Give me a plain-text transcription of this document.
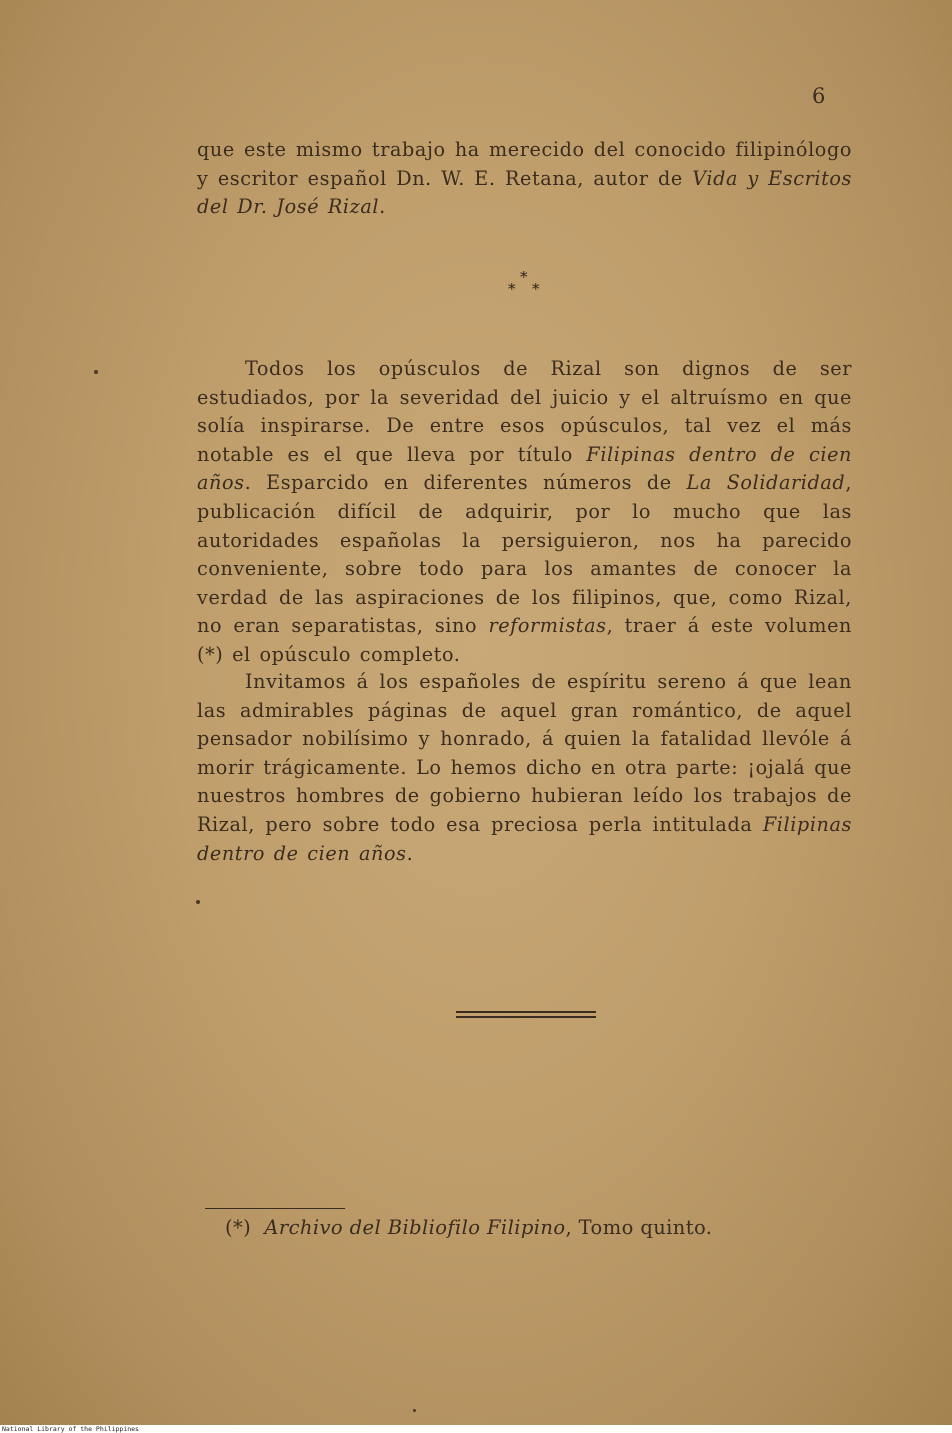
6

que este mismo trabajo ha merecido del conocido filipinólogo y escritor español Dn. W. E. Retana, autor de Vida y Escritos del Dr. José Rizal.

*
* *

Todos los opúsculos de Rizal son dignos de ser estudiados, por la severidad del juicio y el altruísmo en que solía inspirarse. De entre esos opúsculos, tal vez el más notable es el que lleva por título Filipinas dentro de cien años. Esparcido en diferentes números de La Solidaridad, publicación difícil de adquirir, por lo mucho que las autoridades españolas la persiguieron, nos ha parecido conveniente, sobre todo para los amantes de conocer la verdad de las aspiraciones de los filipinos, que, como Rizal, no eran separatistas, sino reformistas, traer á este volumen (*) el opúsculo completo.

Invitamos á los españoles de espíritu sereno á que lean las admirables páginas de aquel gran romántico, de aquel pensador nobilísimo y honrado, á quien la fatalidad llevóle á morir trágicamente. Lo hemos dicho en otra parte: ¡ojalá que nuestros hombres de gobierno hubieran leído los trabajos de Rizal, pero sobre todo esa preciosa perla intitulada Filipinas dentro de cien años.

(*) Archivo del Bibliofilo Filipino, Tomo quinto.

National Library of the Philippines
